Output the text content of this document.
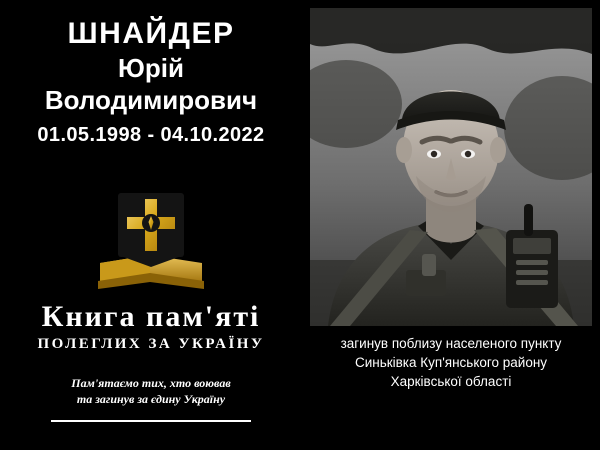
ШНАЙДЕР
Юрій
Володимирович
01.05.1998 - 04.10.2022
Книга пам'яті
ПОЛЕГЛИХ ЗА УКРАЇНУ
Пам'ятаємо тих, хто воював
та загинув за єдину Україну
загинув поблизу населеного пункту
Синьківка Куп'янського району
Харківської області
